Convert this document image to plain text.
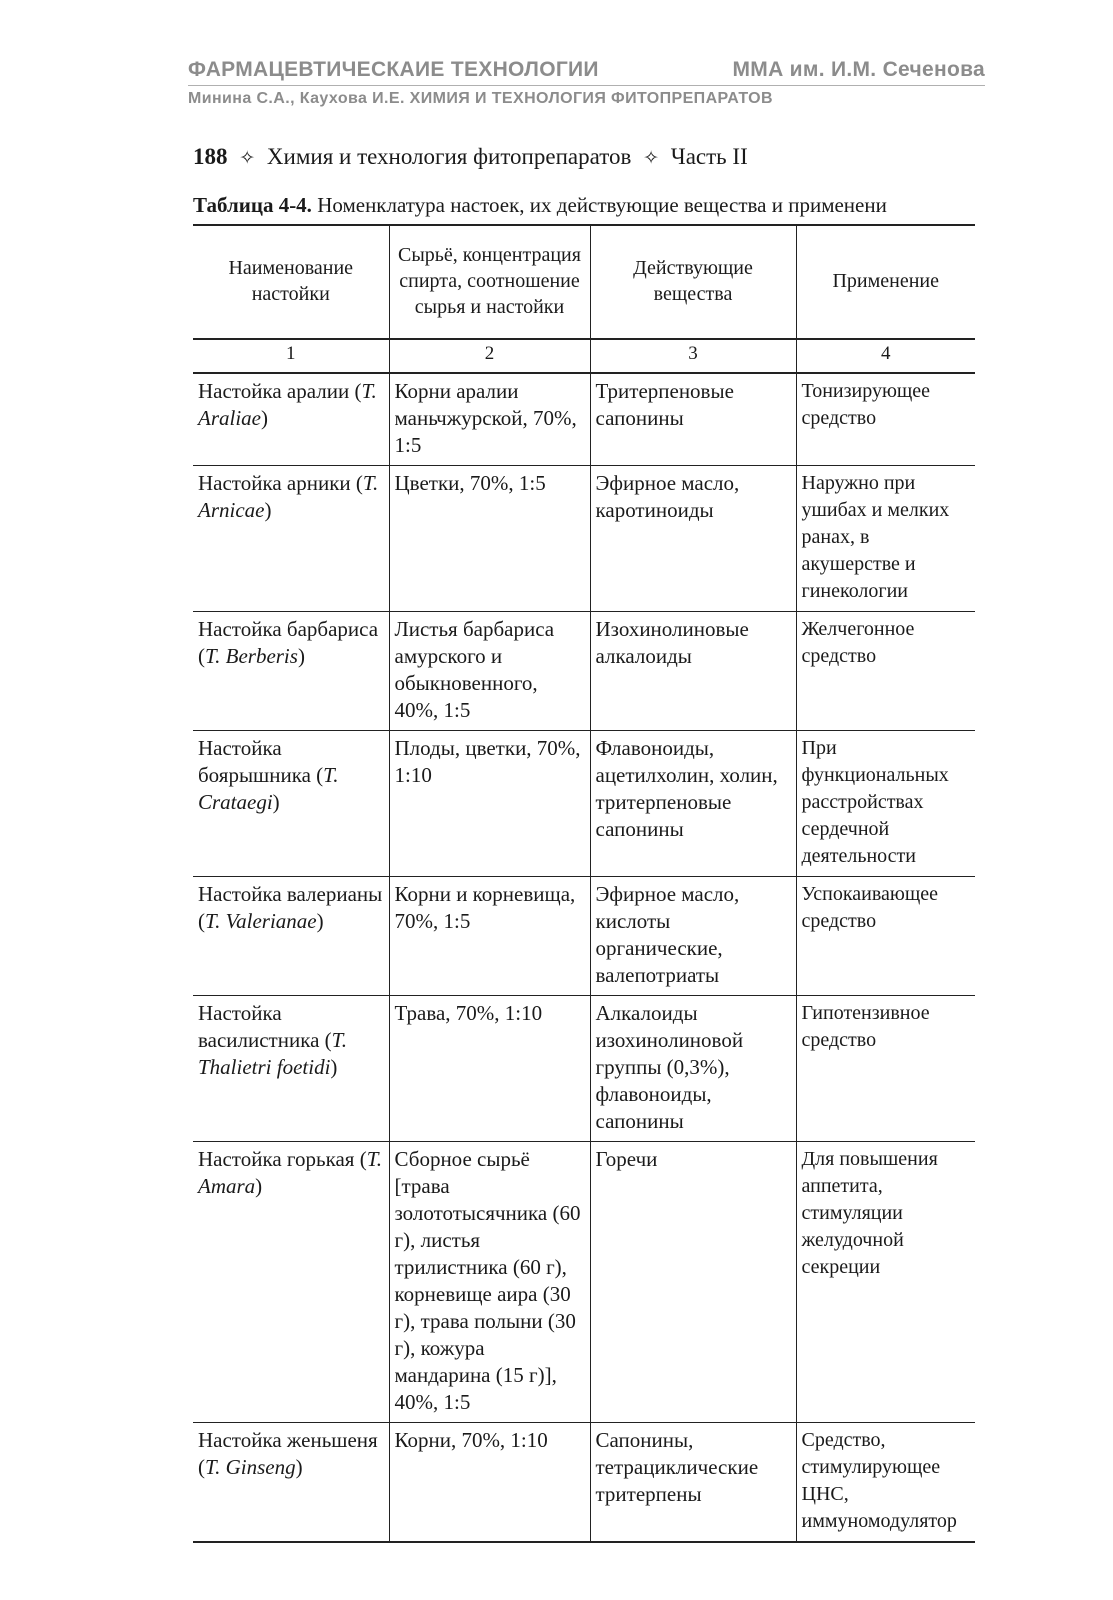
ФАРМАЦЕВТИЧЕСКАИЕ ТЕХНОЛОГИИ	ММА им. И.М. Сеченова
Минина С.А., Каухова И.Е. ХИМИЯ И ТЕХНОЛОГИЯ ФИТОПРЕПАРАТОВ
188 ✧ Химия и технология фитопрепаратов ✧ Часть II
Таблица 4-4. Номенклатура настоек, их действующие вещества и применени
Наименование настойки	Сырьё, концентрация спирта, соотношение сырья и настойки	Действующие вещества	Применение
1	2	3	4
Настойка аралии (T. Araliae)	Корни аралии маньчжурской, 70%, 1:5	Тритерпеновые сапонины	Тонизирующее средство
Настойка арники (T. Arnicae)	Цветки, 70%, 1:5	Эфирное масло, каротиноиды	Наружно при ушибах и мелких ранах, в акушерстве и гинекологии
Настойка барбариса (T. Berberis)	Листья барбариса амурского и обыкновенного, 40%, 1:5	Изохинолиновые алкалоиды	Желчегонное средство
Настойка боярышника (T. Crataegi)	Плоды, цветки, 70%, 1:10	Флавоноиды, ацетилхолин, холин, тритерпеновые сапонины	При функциональных расстройствах сердечной деятельности
Настойка валерианы (T. Valerianae)	Корни и корневища, 70%, 1:5	Эфирное масло, кислоты органические, валепотриаты	Успокаивающее средство
Настойка василистника (T. Thalietri foetidi)	Трава, 70%, 1:10	Алкалоиды изохинолиновой группы (0,3%), флавоноиды, сапонины	Гипотензивное средство
Настойка горькая (T. Amara)	Сборное сырьё [трава золототысячника (60 г), листья трилистника (60 г), корневище аира (30 г), трава полыни (30 г), кожура мандарина (15 г)], 40%, 1:5	Горечи	Для повышения аппетита, стимуляции желудочной секреции
Настойка женьшеня (T. Ginseng)	Корни, 70%, 1:10	Сапонины, тетрациклические тритерпены	Средство, стимулирующее ЦНС, иммуномодулятор
